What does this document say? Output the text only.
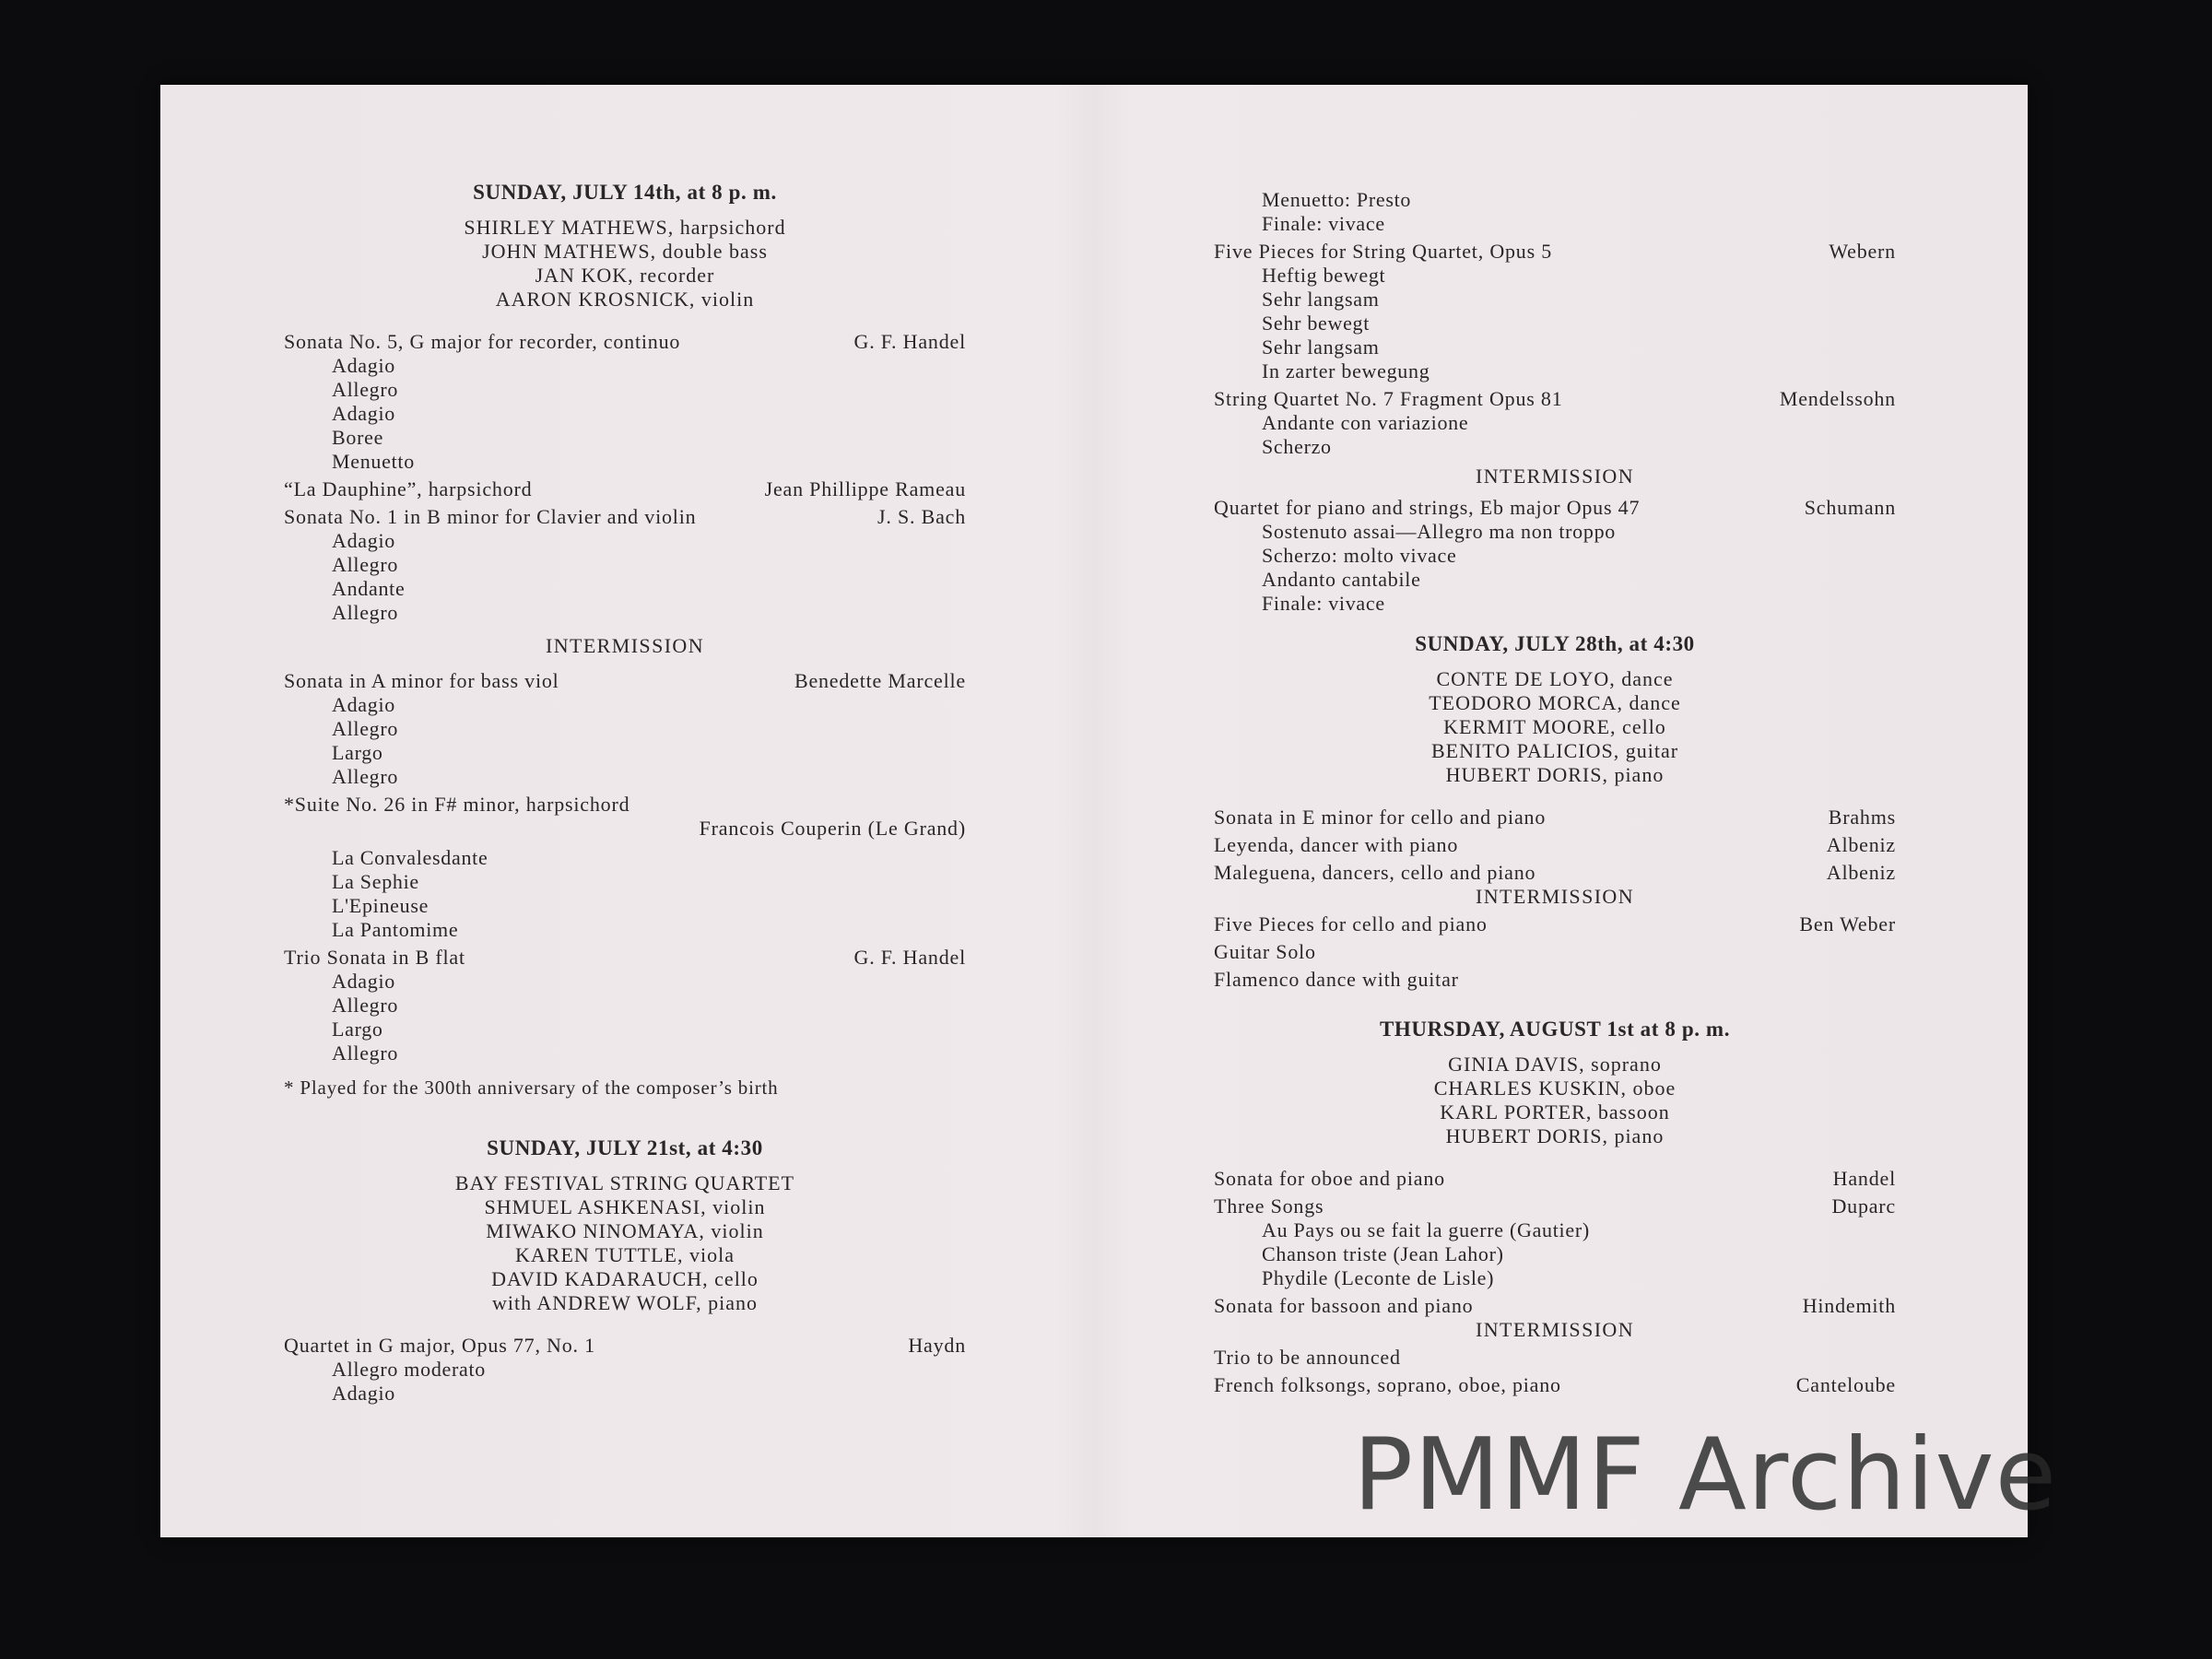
SUNDAY, JULY 14th, at 8 p. m.
SHIRLEY MATHEWS, harpsichord
JOHN MATHEWS, double bass
JAN KOK, recorder
AARON KROSNICK, violin
Sonata No. 5, G major for recorder, continuo	G. F. Handel
Adagio
Allegro
Adagio
Boree
Menuetto
“La Dauphine”, harpsichord	Jean Phillippe Rameau
Sonata No. 1 in B minor for Clavier and violin	J. S. Bach
Adagio
Allegro
Andante
Allegro
INTERMISSION
Sonata in A minor for bass viol	Benedette Marcelle
Adagio
Allegro
Largo
Allegro
*Suite No. 26 in F# minor, harpsichord
Francois Couperin (Le Grand)
La Convalesdante
La Sephie
L'Epineuse
La Pantomime
Trio Sonata in B flat	G. F. Handel
Adagio
Allegro
Largo
Allegro
* Played for the 300th anniversary of the composer’s birth
SUNDAY, JULY 21st, at 4:30
BAY FESTIVAL STRING QUARTET
SHMUEL ASHKENASI, violin
MIWAKO NINOMAYA, violin
KAREN TUTTLE, viola
DAVID KADARAUCH, cello
with ANDREW WOLF, piano
Quartet in G major, Opus 77, No. 1	Haydn
Allegro moderato
Adagio
Menuetto: Presto
Finale: vivace
Five Pieces for String Quartet, Opus 5	Webern
Heftig bewegt
Sehr langsam
Sehr bewegt
Sehr langsam
In zarter bewegung
String Quartet No. 7 Fragment Opus 81	Mendelssohn
Andante con variazione
Scherzo
INTERMISSION
Quartet for piano and strings, Eb major Opus 47	Schumann
Sostenuto assai—Allegro ma non troppo
Scherzo: molto vivace
Andanto cantabile
Finale: vivace
SUNDAY, JULY 28th, at 4:30
CONTE DE LOYO, dance
TEODORO MORCA, dance
KERMIT MOORE, cello
BENITO PALICIOS, guitar
HUBERT DORIS, piano
Sonata in E minor for cello and piano	Brahms
Leyenda, dancer with piano	Albeniz
Maleguena, dancers, cello and piano	Albeniz
INTERMISSION
Five Pieces for cello and piano	Ben Weber
Guitar Solo
Flamenco dance with guitar
THURSDAY, AUGUST 1st at 8 p. m.
GINIA DAVIS, soprano
CHARLES KUSKIN, oboe
KARL PORTER, bassoon
HUBERT DORIS, piano
Sonata for oboe and piano	Handel
Three Songs	Duparc
Au Pays ou se fait la guerre (Gautier)
Chanson triste (Jean Lahor)
Phydile (Leconte de Lisle)
Sonata for bassoon and piano	Hindemith
INTERMISSION
Trio to be announced
French folksongs, soprano, oboe, piano	Canteloube
PMMF Archive
